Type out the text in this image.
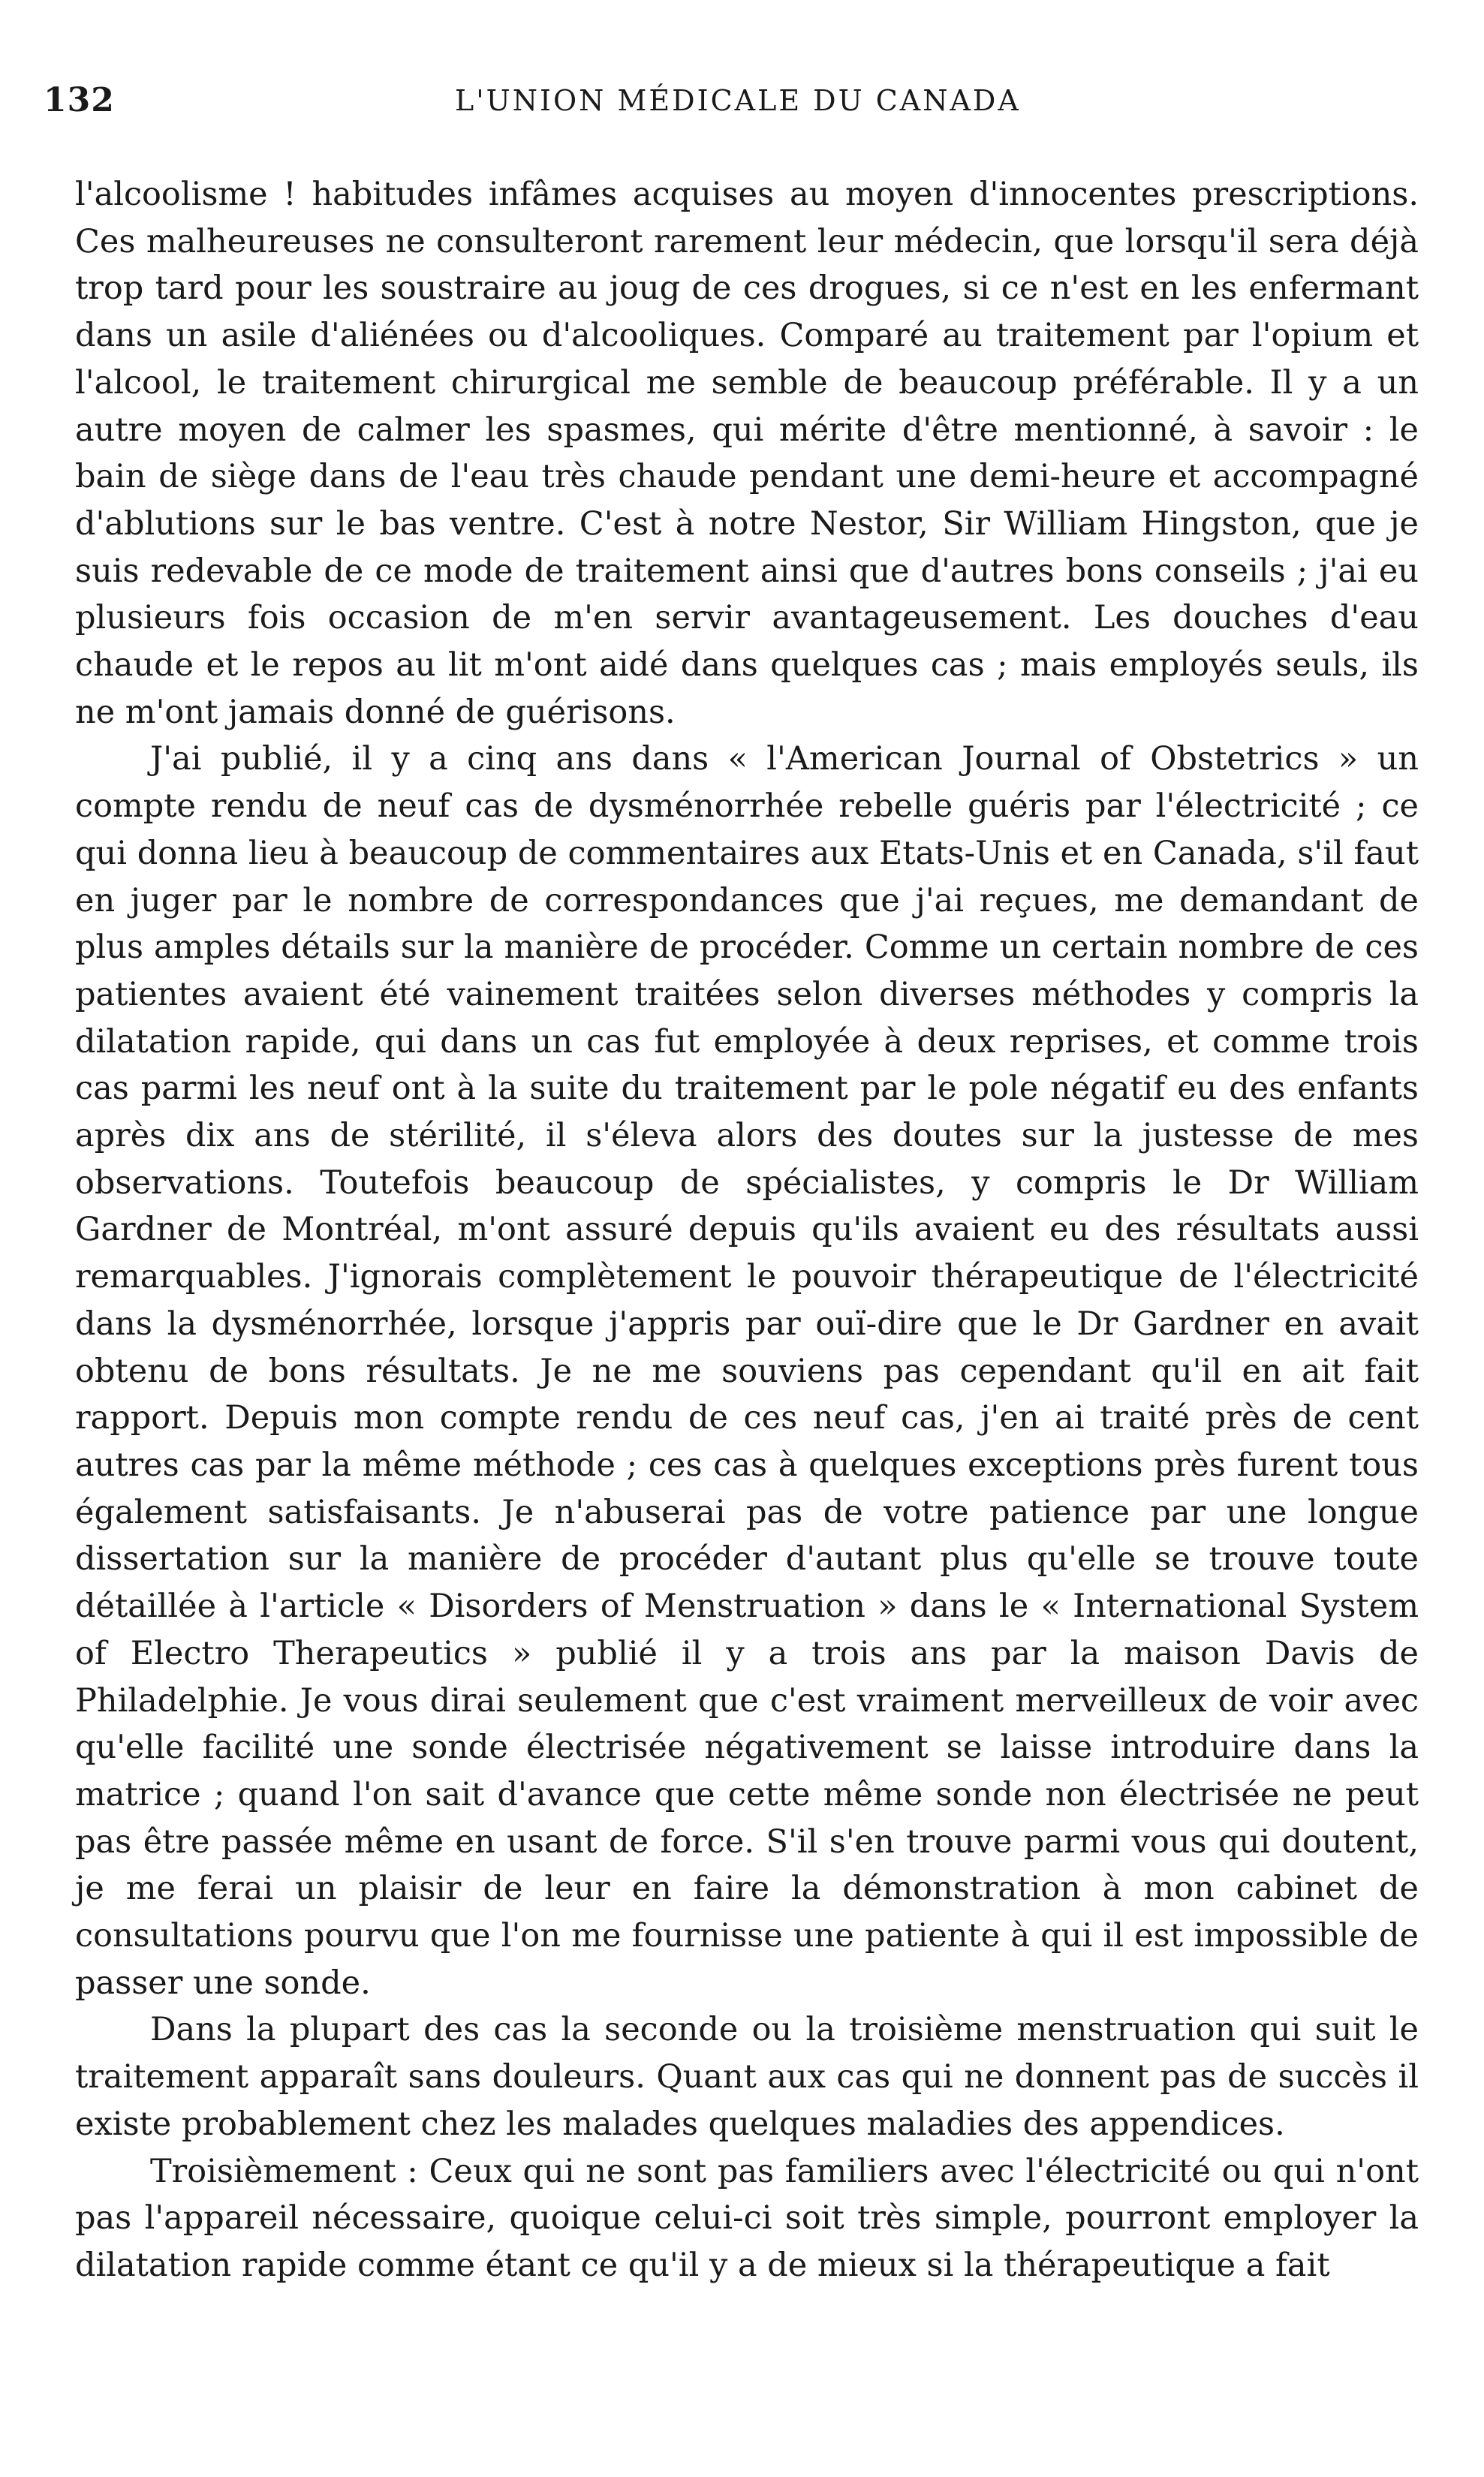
132	L'UNION MÉDICALE DU CANADA

l'alcoolisme ! habitudes infâmes acquises au moyen d'innocentes prescriptions. Ces malheureuses ne consulteront rarement leur médecin, que lorsqu'il sera déjà trop tard pour les soustraire au joug de ces drogues, si ce n'est en les enfermant dans un asile d'aliénées ou d'alcooliques. Comparé au traitement par l'opium et l'alcool, le traitement chirurgical me semble de beaucoup préférable. Il y a un autre moyen de calmer les spasmes, qui mérite d'être mentionné, à savoir : le bain de siège dans de l'eau très chaude pendant une demi-heure et accompagné d'ablutions sur le bas ventre. C'est à notre Nestor, Sir William Hingston, que je suis redevable de ce mode de traitement ainsi que d'autres bons conseils ; j'ai eu plusieurs fois occasion de m'en servir avantageusement. Les douches d'eau chaude et le repos au lit m'ont aidé dans quelques cas ; mais employés seuls, ils ne m'ont jamais donné de guérisons.

J'ai publié, il y a cinq ans dans « l'American Journal of Obstetrics » un compte rendu de neuf cas de dysménorrhée rebelle guéris par l'électricité ; ce qui donna lieu à beaucoup de commentaires aux Etats-Unis et en Canada, s'il faut en juger par le nombre de correspondances que j'ai reçues, me demandant de plus amples détails sur la manière de procéder. Comme un certain nombre de ces patientes avaient été vainement traitées selon diverses méthodes y compris la dilatation rapide, qui dans un cas fut employée à deux reprises, et comme trois cas parmi les neuf ont à la suite du traitement par le pole négatif eu des enfants après dix ans de stérilité, il s'éleva alors des doutes sur la justesse de mes observations. Toutefois beaucoup de spécialistes, y compris le Dr William Gardner de Montréal, m'ont assuré depuis qu'ils avaient eu des résultats aussi remarquables. J'ignorais complètement le pouvoir thérapeutique de l'électricité dans la dysménorrhée, lorsque j'appris par ouï-dire que le Dr Gardner en avait obtenu de bons résultats. Je ne me souviens pas cependant qu'il en ait fait rapport. Depuis mon compte rendu de ces neuf cas, j'en ai traité près de cent autres cas par la même méthode ; ces cas à quelques exceptions près furent tous également satisfaisants. Je n'abuserai pas de votre patience par une longue dissertation sur la manière de procéder d'autant plus qu'elle se trouve toute détaillée à l'article « Disorders of Menstruation » dans le « International System of Electro Therapeutics » publié il y a trois ans par la maison Davis de Philadelphie. Je vous dirai seulement que c'est vraiment merveilleux de voir avec qu'elle facilité une sonde électrisée négativement se laisse introduire dans la matrice ; quand l'on sait d'avance que cette même sonde non électrisée ne peut pas être passée même en usant de force. S'il s'en trouve parmi vous qui doutent, je me ferai un plaisir de leur en faire la démonstration à mon cabinet de consultations pourvu que l'on me fournisse une patiente à qui il est impossible de passer une sonde.

Dans la plupart des cas la seconde ou la troisième menstruation qui suit le traitement apparaît sans douleurs. Quant aux cas qui ne donnent pas de succès il existe probablement chez les malades quelques maladies des appendices.

Troisièmement : Ceux qui ne sont pas familiers avec l'électricité ou qui n'ont pas l'appareil nécessaire, quoique celui-ci soit très simple, pourront employer la dilatation rapide comme étant ce qu'il y a de mieux si la thérapeutique a fait
